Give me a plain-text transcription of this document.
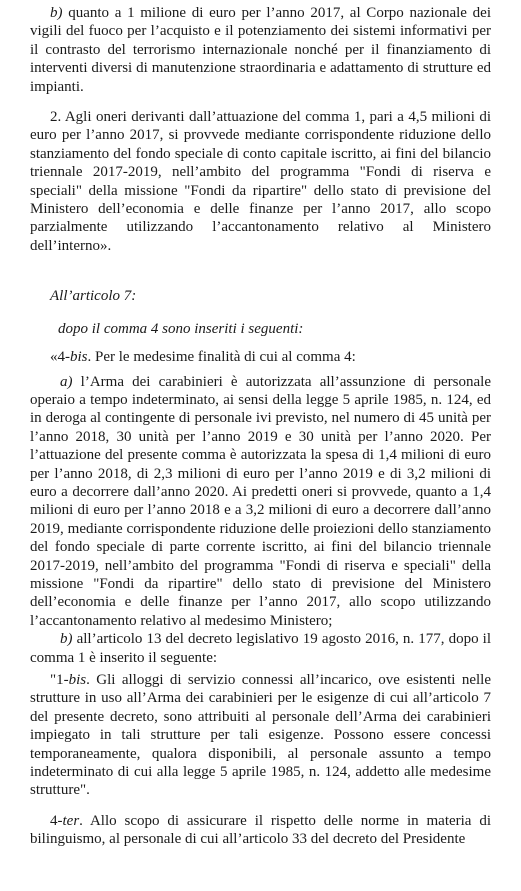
b) quanto a 1 milione di euro per l’anno 2017, al Corpo nazionale dei vigili del fuoco per l’acquisto e il potenziamento dei sistemi informativi per il contrasto del terrorismo internazionale nonché per il finanziamento di interventi diversi di manutenzione straordinaria e adattamento di strutture ed impianti.

2. Agli oneri derivanti dall’attuazione del comma 1, pari a 4,5 milioni di euro per l’anno 2017, si provvede mediante corrispondente riduzione dello stanziamento del fondo speciale di conto capitale iscritto, ai fini del bilancio triennale 2017-2019, nell’ambito del programma "Fondi di riserva e speciali" della missione "Fondi da ripartire" dello stato di previsione del Ministero dell’economia e delle finanze per l’anno 2017, allo scopo parzialmente utilizzando l’accantonamento relativo al Ministero dell’interno».

All’articolo 7:

dopo il comma 4 sono inseriti i seguenti:

«4-bis. Per le medesime finalità di cui al comma 4:

a) l’Arma dei carabinieri è autorizzata all’assunzione di personale operaio a tempo indeterminato, ai sensi della legge 5 aprile 1985, n. 124, ed in deroga al contingente di personale ivi previsto, nel numero di 45 unità per l’anno 2018, 30 unità per l’anno 2019 e 30 unità per l’anno 2020. Per l’attuazione del presente comma è autorizzata la spesa di 1,4 milioni di euro per l’anno 2018, di 2,3 milioni di euro per l’anno 2019 e di 3,2 milioni di euro a decorrere dall’anno 2020. Ai predetti oneri si provvede, quanto a 1,4 milioni di euro per l’anno 2018 e a 3,2 milioni di euro a decorrere dall’anno 2019, mediante corrispondente riduzione delle proiezioni dello stanziamento del fondo speciale di parte corrente iscritto, ai fini del bilancio triennale 2017-2019, nell’ambito del programma "Fondi di riserva e speciali" della missione "Fondi da ripartire" dello stato di previsione del Ministero dell’economia e delle finanze per l’anno 2017, allo scopo utilizzando l’accantonamento relativo al medesimo Ministero;

b) all’articolo 13 del decreto legislativo 19 agosto 2016, n. 177, dopo il comma 1 è inserito il seguente:

"1-bis. Gli alloggi di servizio connessi all’incarico, ove esistenti nelle strutture in uso all’Arma dei carabinieri per le esigenze di cui all’articolo 7 del presente decreto, sono attribuiti al personale dell’Arma dei carabinieri impiegato in tali strutture per tali esigenze. Possono essere concessi temporaneamente, qualora disponibili, al personale assunto a tempo indeterminato di cui alla legge 5 aprile 1985, n. 124, addetto alle medesime strutture".

4-ter. Allo scopo di assicurare il rispetto delle norme in materia di bilinguismo, al personale di cui all’articolo 33 del decreto del Presidente
